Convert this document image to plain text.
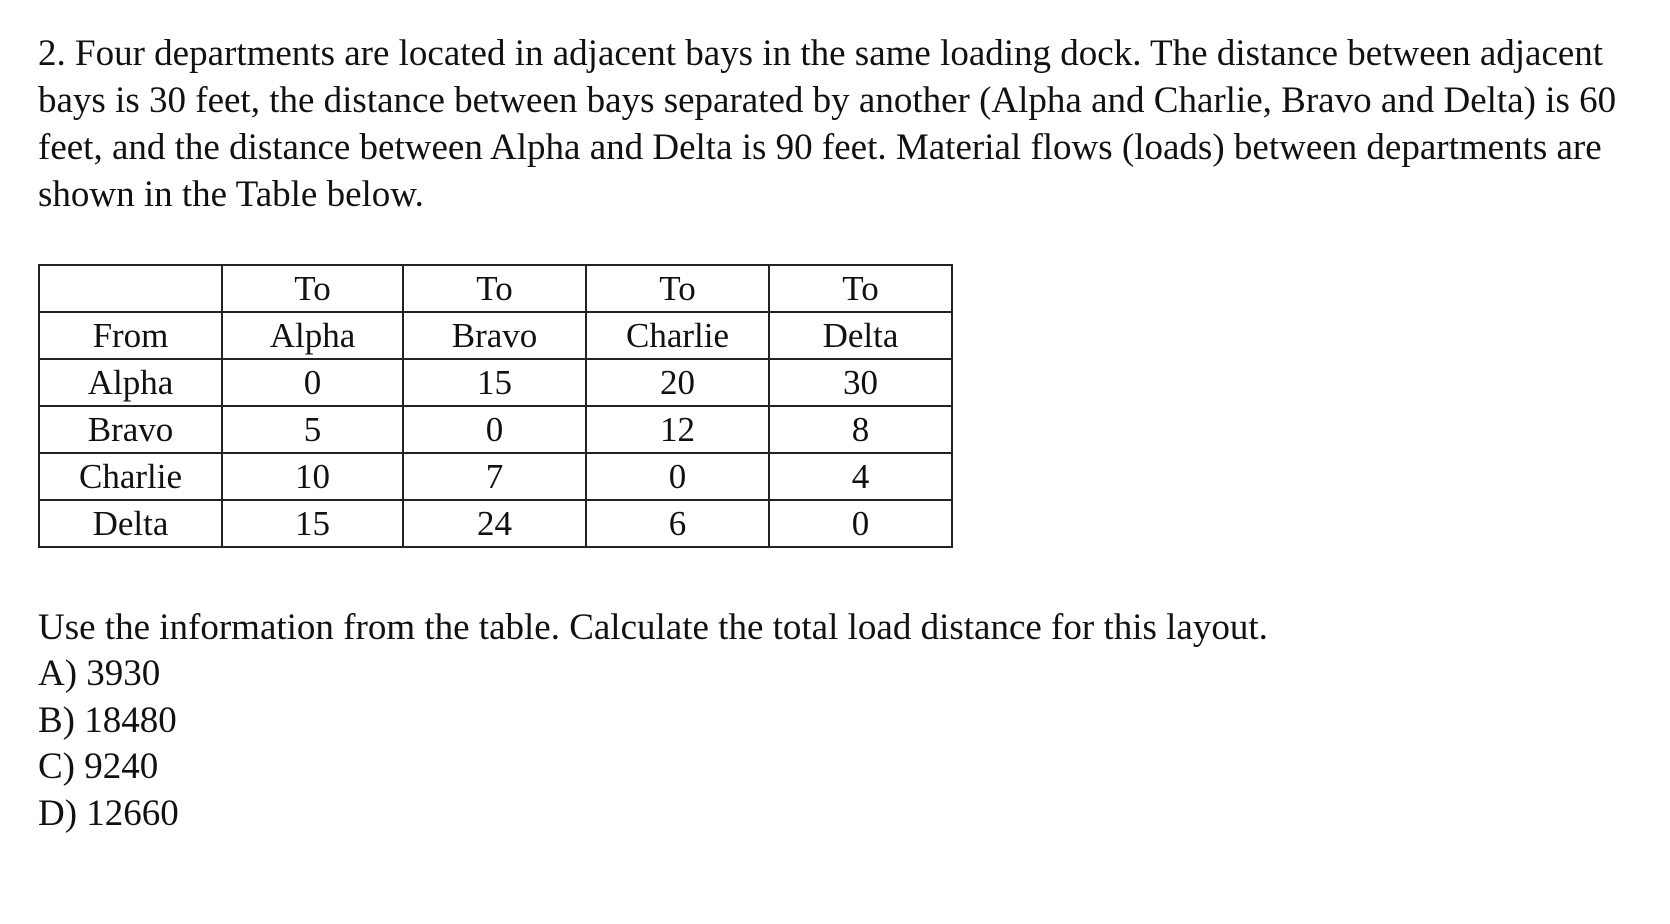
2. Four departments are located in adjacent bays in the same loading dock. The distance between adjacent bays is 30 feet, the distance between bays separated by another (Alpha and Charlie, Bravo and Delta) is 60 feet, and the distance between Alpha and Delta is 90 feet. Material flows (loads) between departments are shown in the Table below.

	To	To	To	To
From	Alpha	Bravo	Charlie	Delta
Alpha	0	15	20	30
Bravo	5	0	12	8
Charlie	10	7	0	4
Delta	15	24	6	0

Use the information from the table. Calculate the total load distance for this layout.

A) 3930
B) 18480
C) 9240
D) 12660
